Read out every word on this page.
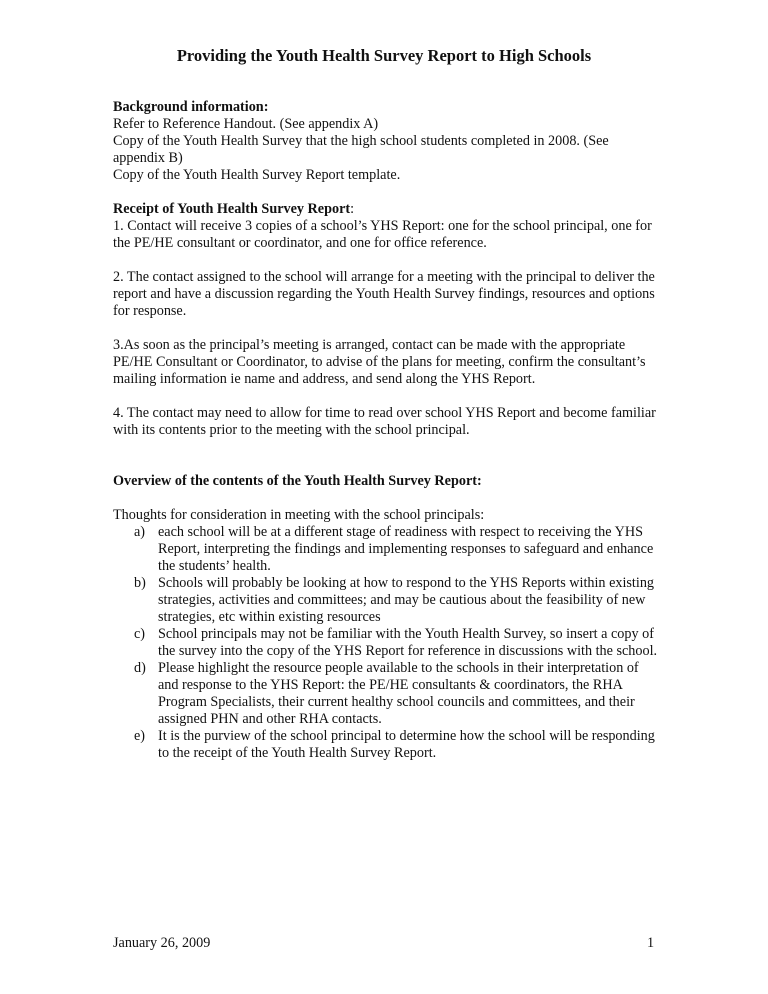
Providing the Youth Health Survey Report to High Schools

Background information:

Refer to Reference Handout. (See appendix A)

Copy of the Youth Health Survey that the high school students completed in 2008. (See appendix B)

Copy of the Youth Health Survey Report template.

Receipt of Youth Health Survey Report:

1. Contact will receive 3 copies of a school’s YHS Report: one for the school principal, one for the PE/HE consultant or coordinator, and one for office reference.

2. The contact assigned to the school will arrange for a meeting with the principal to deliver the report and have a discussion regarding the Youth Health Survey findings, resources and options for response.

3.As soon as the principal’s meeting is arranged, contact can be made with the appropriate PE/HE Consultant or Coordinator, to advise of the plans for meeting, confirm the consultant’s mailing information ie name and address, and send along the YHS Report.

4. The contact may need to allow for time to read over school YHS Report and become familiar with its contents prior to the meeting with the school principal.

Overview of the contents of the Youth Health Survey Report:

Thoughts for consideration in meeting with the school principals:

a) each school will be at a different stage of readiness with respect to receiving the YHS Report, interpreting the findings and implementing responses to safeguard and enhance the students’ health.
b) Schools will probably be looking at how to respond to the YHS Reports within existing strategies, activities and committees; and may be cautious about the feasibility of new strategies, etc within existing resources
c) School principals may not be familiar with the Youth Health Survey, so insert a copy of the survey into the copy of the YHS Report for reference in discussions with the school.
d) Please highlight the resource people available to the schools in their interpretation of and response to the YHS Report: the PE/HE consultants & coordinators, the RHA Program Specialists, their current healthy school councils and committees, and their assigned PHN and other RHA contacts.
e) It is the purview of the school principal to determine how the school will be responding to the receipt of the Youth Health Survey Report.
January 26, 2009	1
